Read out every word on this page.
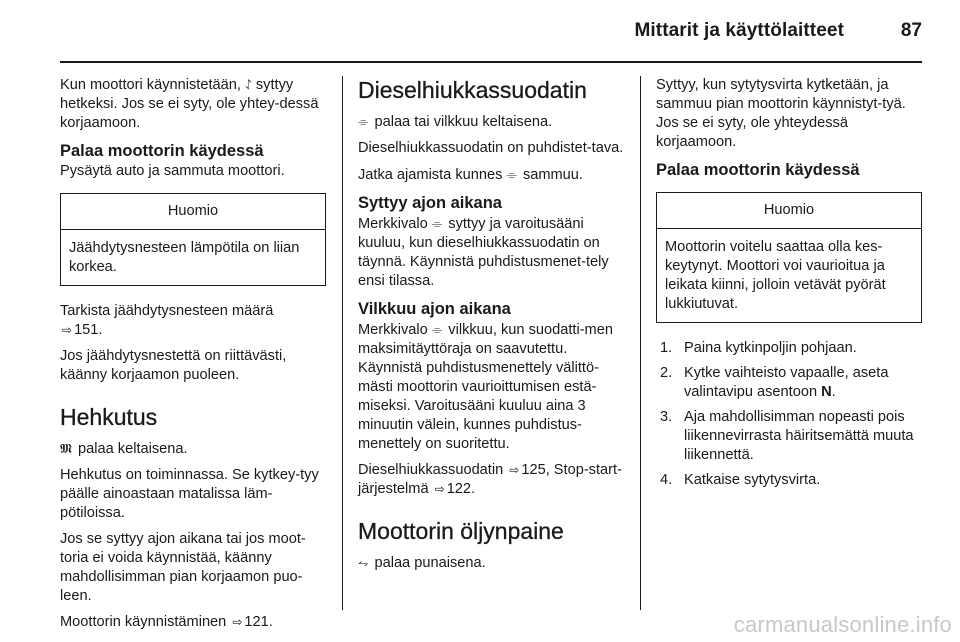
Mittarit ja käyttölaitteet	87

Kun moottori käynnistetään, ⥌ syttyy hetkeksi. Jos se ei syty, ole yhtey-dessä korjaamoon.

Palaa moottorin käydessä

Pysäytä auto ja sammuta moottori.

Huomio
Jäähdytysnesteen lämpötila on liian korkea.

Tarkista jäähdytysnesteen määrä
⇨ 151.

Jos jäähdytysnestettä on riittävästi, käänny korjaamon puoleen.

Hehkutus

𝕸 palaa keltaisena.

Hehkutus on toiminnassa. Se kytkey-tyy päälle ainoastaan matalissa läm-pötiloissa.

Jos se syttyy ajon aikana tai jos moot-toria ei voida käynnistää, käänny mahdollisimman pian korjaamon puo-leen.

Moottorin käynnistäminen ⇨ 121.

Dieselhiukkassuodatin

⌯ palaa tai vilkkuu keltaisena.

Dieselhiukkassuodatin on puhdistet-tava.

Jatka ajamista kunnes ⌯ sammuu.

Syttyy ajon aikana

Merkkivalo ⌯ syttyy ja varoitusääni kuuluu, kun dieselhiukkassuodatin on täynnä. Käynnistä puhdistusmenet-tely ensi tilassa.

Vilkkuu ajon aikana

Merkkivalo ⌯ vilkkuu, kun suodatti-men maksimitäyttöraja on saavutettu. Käynnistä puhdistusmenettely välittö-mästi moottorin vaurioittumisen estä-miseksi. Varoitusääni kuuluu aina 3 minuutin välein, kunnes puhdistus-menettely on suoritettu.

Dieselhiukkassuodatin ⇨ 125, Stop-start-järjestelmä ⇨ 122.

Moottorin öljynpaine

⥊ palaa punaisena.

Syttyy, kun sytytysvirta kytketään, ja sammuu pian moottorin käynnistyt-tyä. Jos se ei syty, ole yhteydessä korjaamoon.

Palaa moottorin käydessä
Huomio
Moottorin voitelu saattaa olla kes-keytynyt. Moottori voi vaurioitua ja leikata kiinni, jolloin vetävät pyörät lukkiutuvat.
1. Paina kytkinpoljin pohjaan.
2. Kytke vaihteisto vapaalle, aseta valintavipu asentoon N.
3. Aja mahdollisimman nopeasti pois liikennevirrasta häiritsemättä muuta liikennettä.
4. Katkaise sytytysvirta.
carmanualsonline.info
